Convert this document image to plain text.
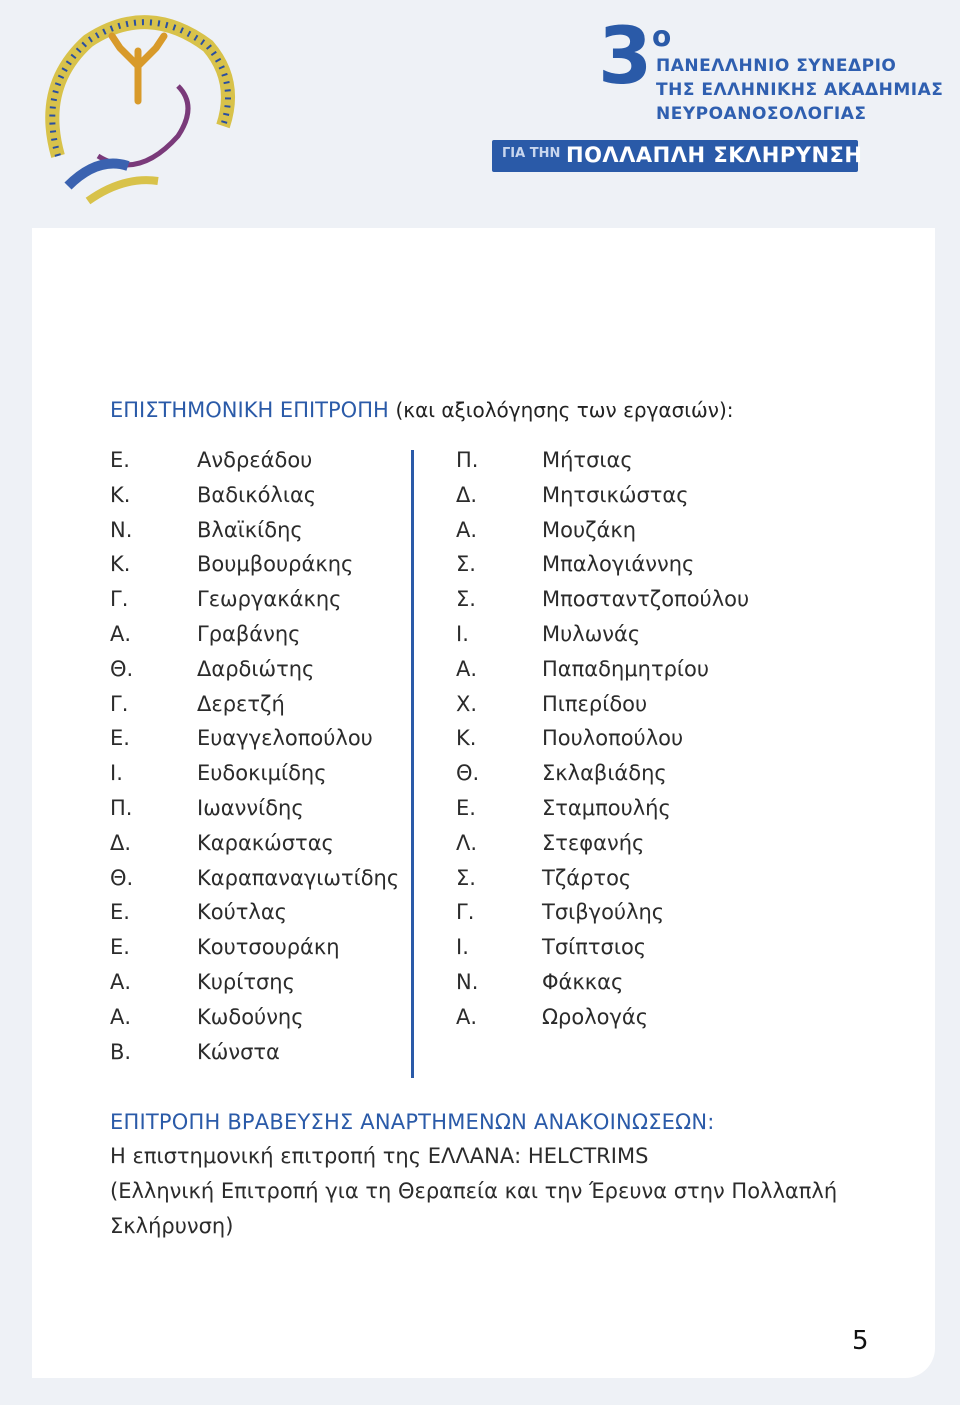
3 ο
ΠΑΝΕΛΛΗΝΙΟ ΣΥΝΕΔΡΙΟ
ΤΗΣ ΕΛΛΗΝΙΚΗΣ ΑΚΑΔΗΜΙΑΣ
ΝΕΥΡΟΑΝΟΣΟΛΟΓΙΑΣ
ΓΙΑ ΤΗΝ ΠΟΛΛΑΠΛΗ ΣΚΛΗΡΥΝΣΗ
ΕΠΙΣΤΗΜΟΝΙΚΗ ΕΠΙΤΡΟΠΗ (και αξιολόγησης των εργασιών):
Ε.	Ανδρεάδου
Κ.	Βαδικόλιας
Ν.	Βλαϊκίδης
Κ.	Βουμβουράκης
Γ.	Γεωργακάκης
Α.	Γραβάνης
Θ.	Δαρδιώτης
Γ.	Δερετζή
Ε.	Ευαγγελοπούλου
Ι.	Ευδοκιμίδης
Π.	Ιωαννίδης
Δ.	Καρακώστας
Θ.	Καραπαναγιωτίδης
Ε.	Κούτλας
Ε.	Κουτσουράκη
Α.	Κυρίτσης
Α.	Κωδούνης
Β.	Κώνστα
Π.	Μήτσιας
Δ.	Μητσικώστας
Α.	Μουζάκη
Σ.	Μπαλογιάννης
Σ.	Μποσταντζοπούλου
Ι.	Μυλωνάς
Α.	Παπαδημητρίου
Χ.	Πιπερίδου
Κ.	Πουλοπούλου
Θ.	Σκλαβιάδης
Ε.	Σταμπουλής
Λ.	Στεφανής
Σ.	Τζάρτος
Γ.	Τσιβγούλης
Ι.	Τσίπτσιος
Ν.	Φάκκας
Α.	Ωρολογάς
ΕΠΙΤΡΟΠΗ ΒΡΑΒΕΥΣΗΣ ΑΝΑΡΤΗΜΕΝΩΝ ΑΝΑΚΟΙΝΩΣΕΩΝ:
Η επιστημονική επιτροπή της ΕΛΛΑΝΑ: HELCTRIMS
(Ελληνική Επιτροπή για τη Θεραπεία και την Έρευνα στην Πολλαπλή
Σκλήρυνση)
5
